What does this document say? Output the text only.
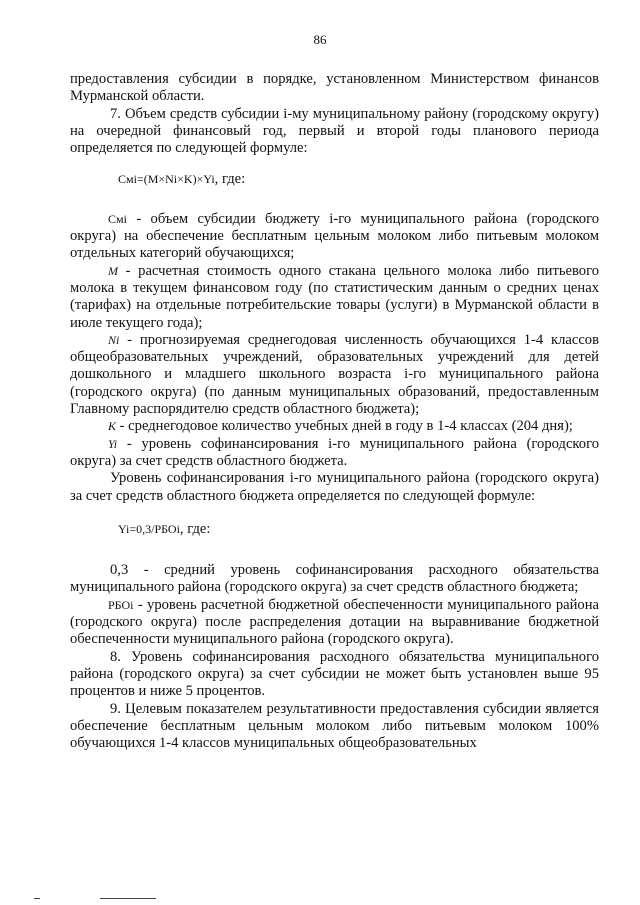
86

предоставления субсидии в порядке, установленном Министерством финансов Мурманской области.

7. Объем средств субсидии i-му муниципальному району (городскому округу) на очередной финансовый год, первый и второй годы планового периода определяется по следующей формуле:

Смi=(M×Ni×K)×Yi, где:

Смi - объем субсидии бюджету i-го муниципального района (городского округа) на обеспечение бесплатным цельным молоком либо питьевым молоком отдельных категорий обучающихся;

M - расчетная стоимость одного стакана цельного молока либо питьевого молока в текущем финансовом году (по статистическим данным о средних ценах (тарифах) на отдельные потребительские товары (услуги) в Мурманской области в июле текущего года);

Ni - прогнозируемая среднегодовая численность обучающихся 1-4 классов общеобразовательных учреждений, образовательных учреждений для детей дошкольного и младшего школьного возраста i-го муниципального района (городского округа) (по данным муниципальных образований, предоставленным Главному распорядителю средств областного бюджета);

K - среднегодовое количество учебных дней в году в 1-4 классах (204 дня);

Yi - уровень софинансирования i-го муниципального района (городского округа) за счет средств областного бюджета.

Уровень софинансирования i-го муниципального района (городского округа) за счет средств областного бюджета определяется по следующей формуле:

Yi=0,3/РБОi, где:

0,3 - средний уровень софинансирования расходного обязательства муниципального района (городского округа) за счет средств областного бюджета;

РБОi - уровень расчетной бюджетной обеспеченности муниципального района (городского округа) после распределения дотации на выравнивание бюджетной обеспеченности муниципального района (городского округа).

8. Уровень софинансирования расходного обязательства муниципального района (городского округа) за счет субсидии не может быть установлен выше 95 процентов и ниже 5 процентов.

9. Целевым показателем результативности предоставления субсидии является обеспечение бесплатным цельным молоком либо питьевым молоком 100% обучающихся 1-4 классов муниципальных общеобразовательных
